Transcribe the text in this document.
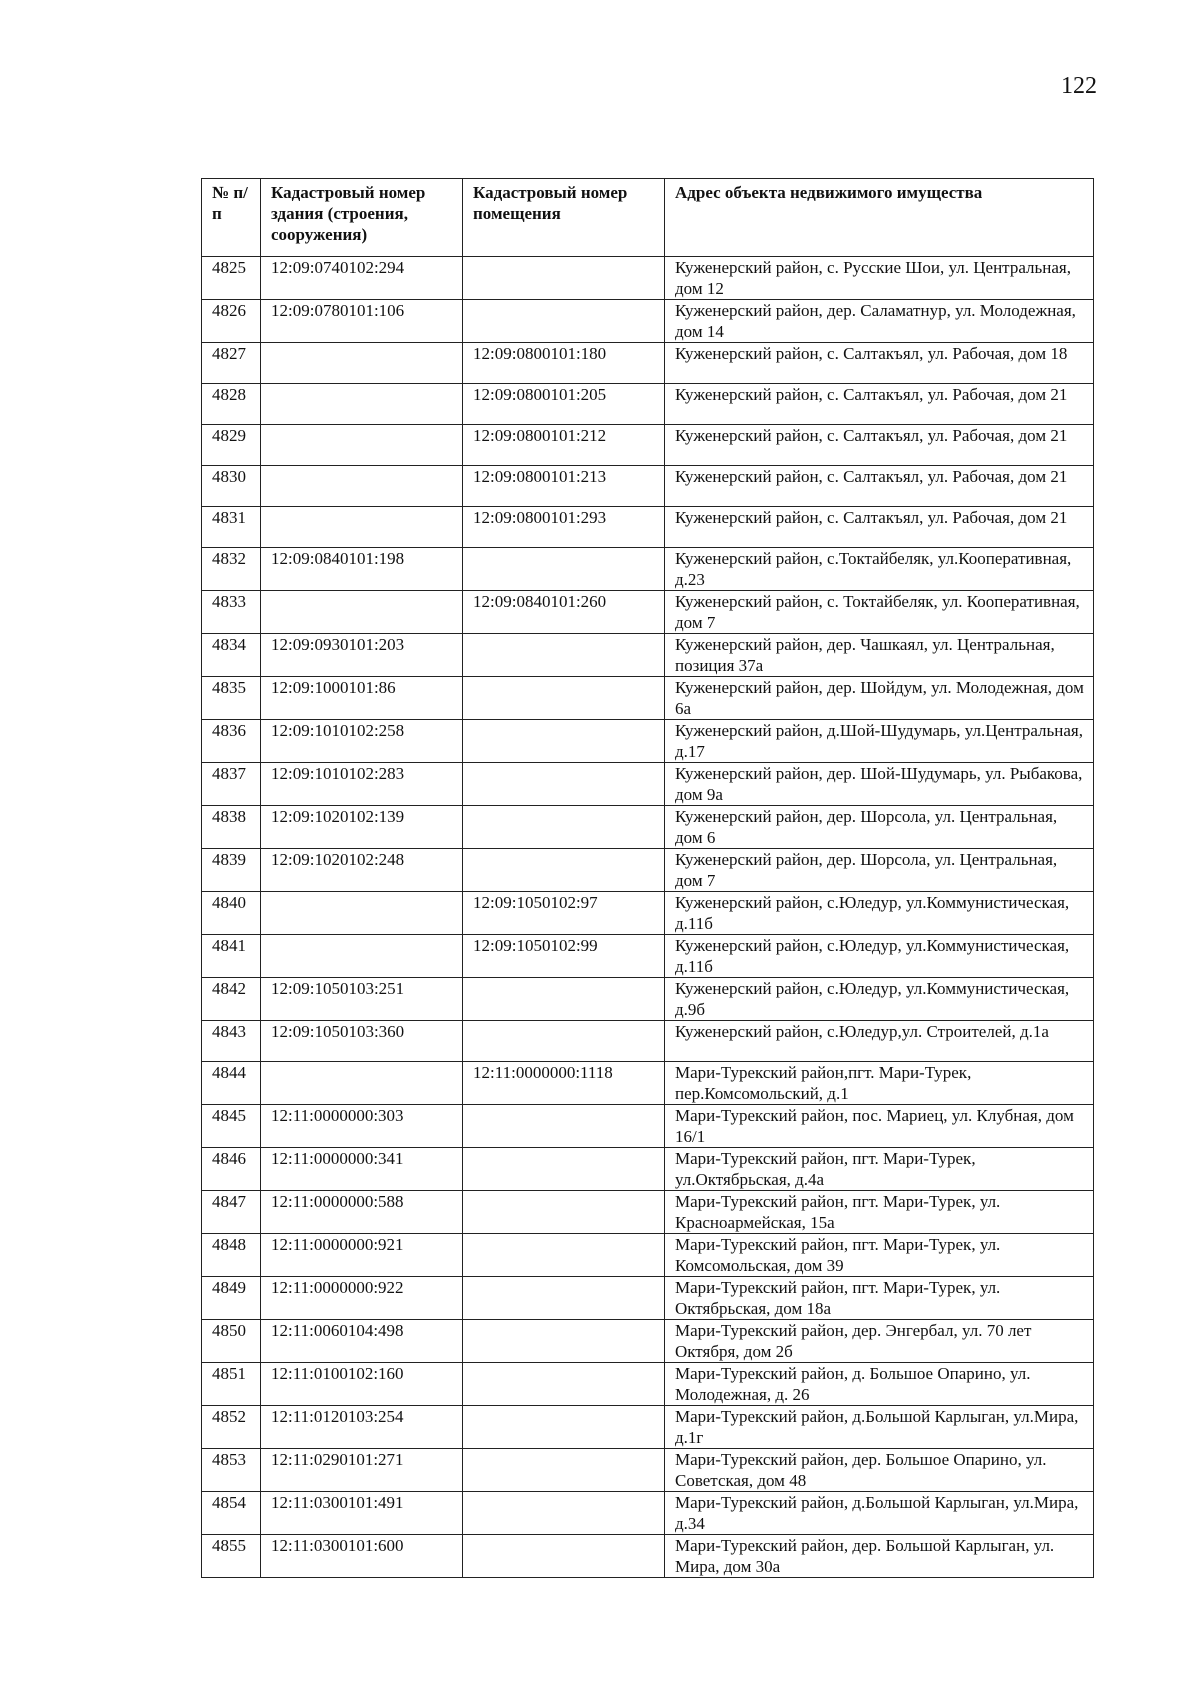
122
№ п/п	Кадастровый номер здания (строения, сооружения)	Кадастровый номер помещения	Адрес объекта недвижимого имущества
4825	12:09:0740102:294		Куженерский район, с. Русские Шои, ул. Центральная, дом 12
4826	12:09:0780101:106		Куженерский район, дер. Саламатнур, ул. Молодежная, дом 14
4827		12:09:0800101:180	Куженерский район, с. Салтакъял, ул. Рабочая, дом 18
4828		12:09:0800101:205	Куженерский район, с. Салтакъял, ул. Рабочая, дом 21
4829		12:09:0800101:212	Куженерский район, с. Салтакъял, ул. Рабочая, дом 21
4830		12:09:0800101:213	Куженерский район, с. Салтакъял, ул. Рабочая, дом 21
4831		12:09:0800101:293	Куженерский район, с. Салтакъял, ул. Рабочая, дом 21
4832	12:09:0840101:198		Куженерский район, с.Токтайбеляк, ул.Кооперативная, д.23
4833		12:09:0840101:260	Куженерский район, с. Токтайбеляк, ул. Кооперативная, дом 7
4834	12:09:0930101:203		Куженерский район, дер. Чашкаял, ул. Центральная, позиция 37а
4835	12:09:1000101:86		Куженерский район, дер. Шойдум, ул. Молодежная, дом 6а
4836	12:09:1010102:258		Куженерский район, д.Шой-Шудумарь, ул.Центральная, д.17
4837	12:09:1010102:283		Куженерский район, дер. Шой-Шудумарь, ул. Рыбакова, дом 9а
4838	12:09:1020102:139		Куженерский район, дер. Шорсола, ул. Центральная, дом 6
4839	12:09:1020102:248		Куженерский район, дер. Шорсола, ул. Центральная, дом 7
4840		12:09:1050102:97	Куженерский район, с.Юледур, ул.Коммунистическая, д.11б
4841		12:09:1050102:99	Куженерский район, с.Юледур, ул.Коммунистическая, д.11б
4842	12:09:1050103:251		Куженерский район, с.Юледур, ул.Коммунистическая, д.9б
4843	12:09:1050103:360		Куженерский район, с.Юледур,ул. Строителей, д.1а
4844		12:11:0000000:1118	Мари-Турекский район,пгт. Мари-Турек, пер.Комсомольский, д.1
4845	12:11:0000000:303		Мари-Турекский район, пос. Мариец, ул. Клубная, дом 16/1
4846	12:11:0000000:341		Мари-Турекский район, пгт. Мари-Турек, ул.Октябрьская, д.4а
4847	12:11:0000000:588		Мари-Турекский район, пгт. Мари-Турек, ул. Красноармейская, 15а
4848	12:11:0000000:921		Мари-Турекский район, пгт. Мари-Турек, ул. Комсомольская, дом 39
4849	12:11:0000000:922		Мари-Турекский район, пгт. Мари-Турек, ул. Октябрьская, дом 18а
4850	12:11:0060104:498		Мари-Турекский район, дер. Энгербал, ул. 70 лет Октября, дом 2б
4851	12:11:0100102:160		Мари-Турекский район, д. Большое Опарино, ул. Молодежная, д. 26
4852	12:11:0120103:254		Мари-Турекский район, д.Большой Карлыган, ул.Мира, д.1г
4853	12:11:0290101:271		Мари-Турекский район, дер. Большое Опарино, ул. Советская, дом 48
4854	12:11:0300101:491		Мари-Турекский район, д.Большой Карлыган, ул.Мира, д.34
4855	12:11:0300101:600		Мари-Турекский район, дер. Большой Карлыган, ул. Мира, дом 30а
